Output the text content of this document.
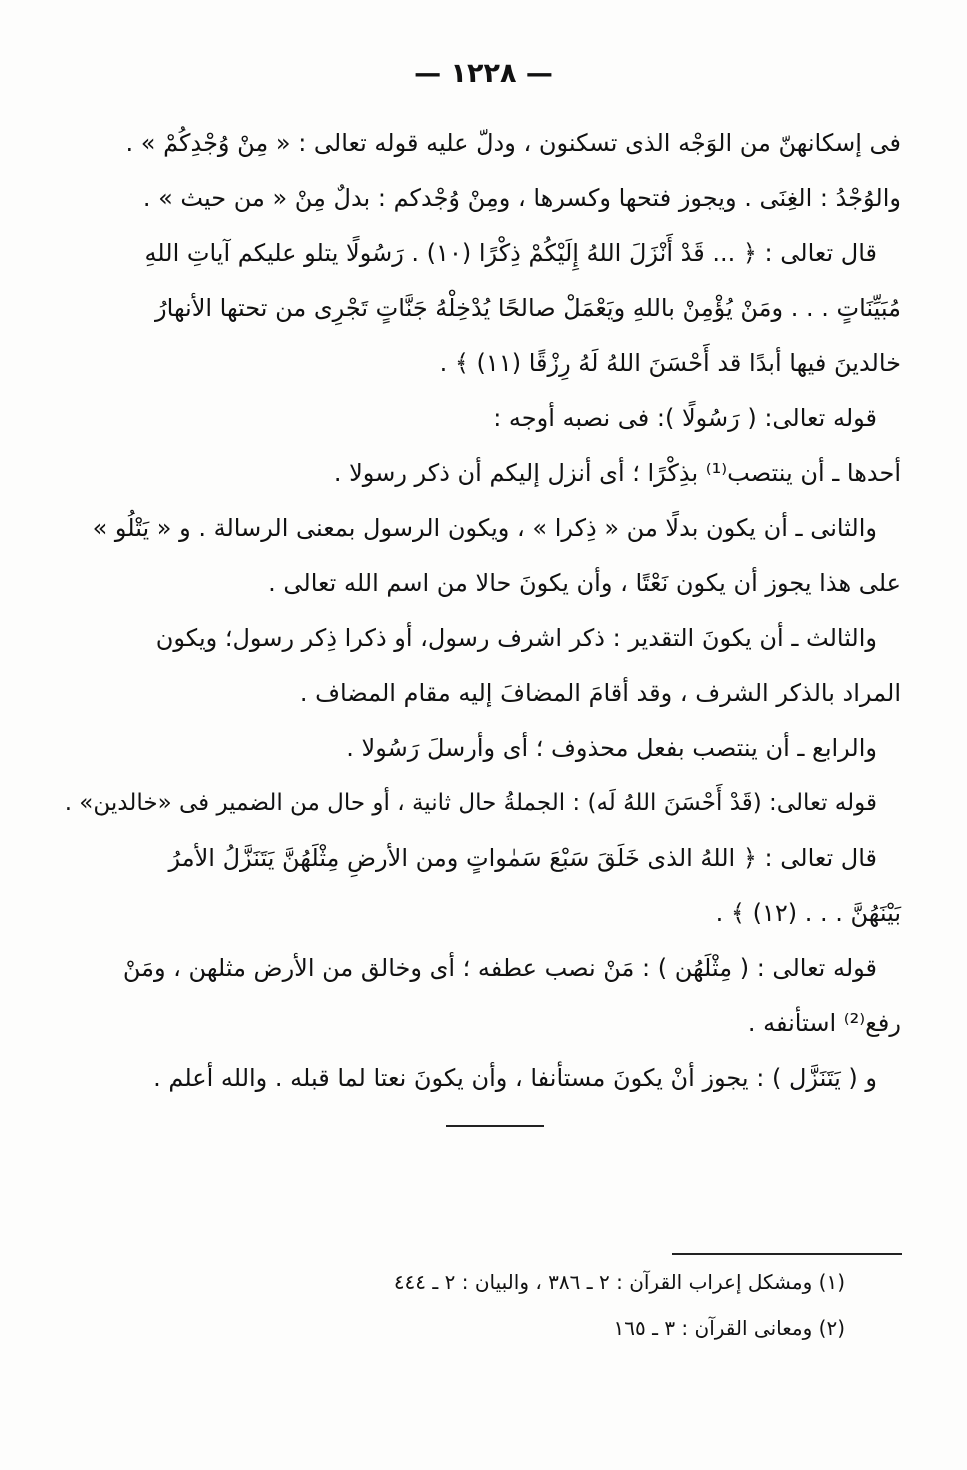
— ١٢٢٨ —
فى إسكانهنّ من الوَجْه الذى تسكنون ، ودلّ عليه قوله تعالى : « مِنْ وُجْدِكُمْ » .
والوُجْدُ : الغِنَى . ويجوز فتحها وكسرها ، ومِنْ وُجْدكم : بدلٌ مِنْ « من حيث » .
قال تعالى : ﴿ ... قَدْ أَنْزَلَ اللهُ إِلَيْكُمْ ذِكْرًا (١٠) . رَسُولًا يتلو عليكم آياتِ اللهِ
مُبَيِّنَاتٍ . . . ومَنْ يُؤْمِنْ باللهِ ويَعْمَلْ صالحًا يُدْخِلْهُ جَنَّاتٍ تَجْرِى من تحتها الأنهارُ
خالدينَ فيها أبدًا قد أَحْسَنَ اللهُ لَهُ رِزْقًا (١١) ﴾ .
قوله تعالى: ( رَسُولًا ): فى نصبه أوجه :
أحدها ـ أن ينتصب⁽¹⁾ بذِكْرًا ؛ أى أنزل إليكم أن ذكر رسولا .
والثانى ـ أن يكون بدلًا من « ذِكرا » ، ويكون الرسول بمعنى الرسالة . و « يَتْلُو »
على هذا يجوز أن يكون نَعْتًا ، وأن يكونَ حالا من اسم الله تعالى .
والثالث ـ أن يكونَ التقدير : ذكر اشرف رسول، أو ذكرا ذِكر رسول؛ ويكون
المراد بالذكر الشرف ، وقد أقامَ المضافَ إليه مقام المضاف .
والرابع ـ أن ينتصب بفعل محذوف ؛ أى وأرسلَ رَسُولا .
قوله تعالى: (قَدْ أَحْسَنَ اللهُ لَه) : الجملةُ حال ثانية ، أو حال من الضمير فى «خالدين» .
قال تعالى : ﴿ اللهُ الذى خَلَقَ سَبْعَ سَمٰواتٍ ومن الأرضِ مِثْلَهُنَّ يَتَنَزَّلُ الأمرُ
بَيْنَهُنَّ . . . (١٢) ﴾ .
قوله تعالى : ( مِثْلَهُن ) : مَنْ نصب عطفه ؛ أى وخالق من الأرض مثلهن ، ومَنْ
رفع⁽²⁾ استأنفه .
و ( يَتَنَزَّل ) : يجوز أنْ يكونَ مستأنفا ، وأن يكونَ نعتا لما قبله . والله أعلم .
(١) ومشكل إعراب القرآن : ٢ ـ ٣٨٦ ، والبيان : ٢ ـ ٤٤٤
(٢) ومعانى القرآن : ٣ ـ ١٦٥
